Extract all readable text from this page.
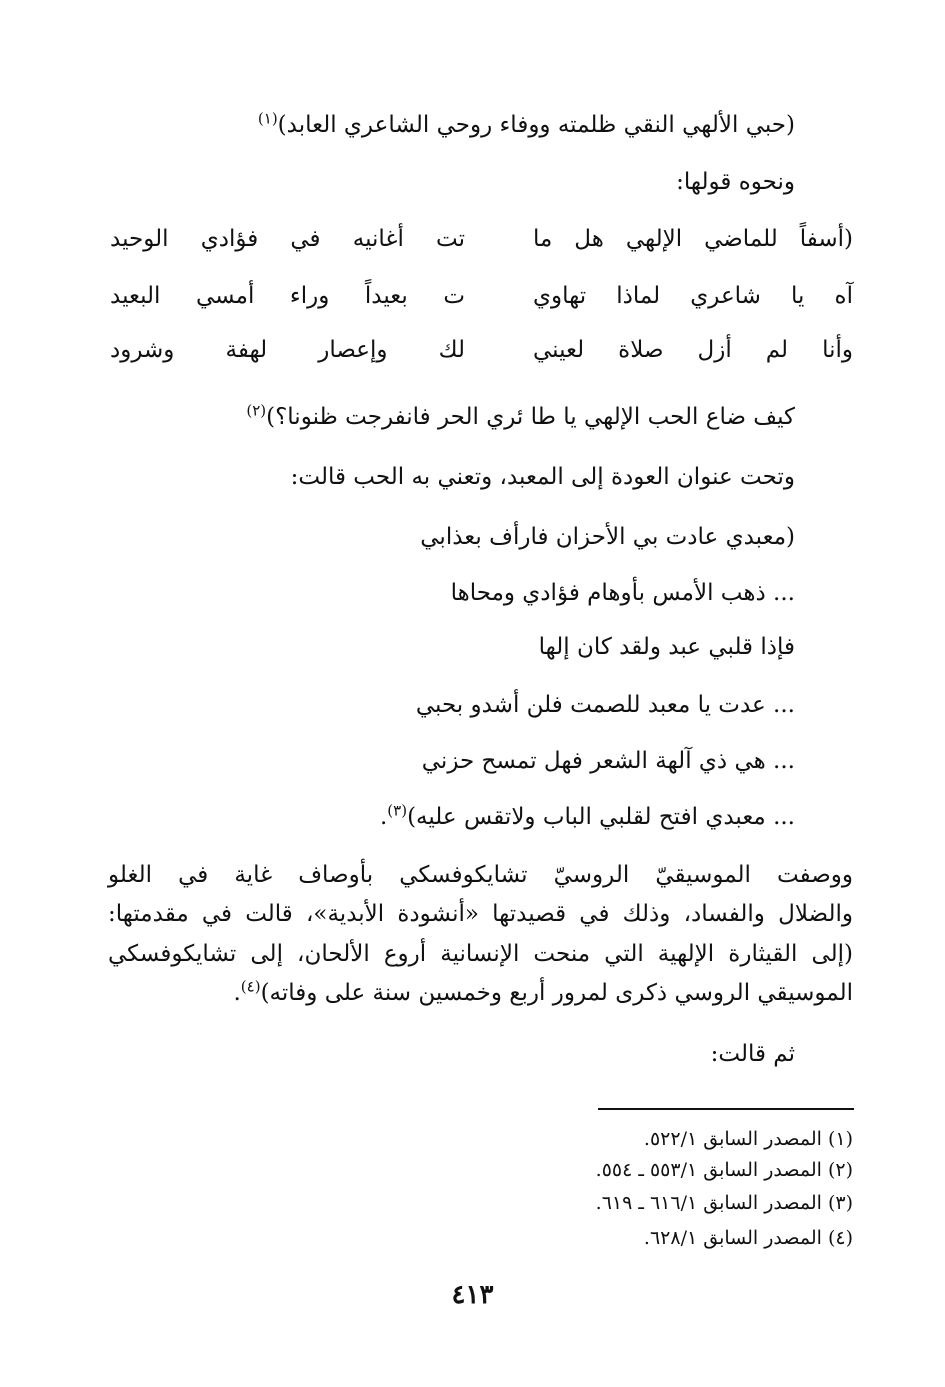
(حبي الألهي النقي ظلمته ووفاء روحي الشاعري العابد)$^{(١)}$
ونحوه قولها:
(أسفاً للماضي الإلهي هل ما
تت أغانيه في فؤادي الوحيد
آه يا شاعري لماذا تهاوي
ت بعيداً وراء أمسي البعيد
وأنا لم أزل صلاة لعيني
لك وإعصار لهفة وشرود
كيف ضاع الحب الإلهي يا طا ئري الحر فانفرجت ظنونا؟)$^{(٢)}$
وتحت عنوان العودة إلى المعبد، وتعني به الحب قالت:
(معبدي عادت بي الأحزان فارأف بعذابي
... ذهب الأمس بأوهام فؤادي ومحاها
فإذا قلبي عبد ولقد كان إلها
... عدت يا معبد للصمت فلن أشدو بحبي
... هي ذي آلهة الشعر فهل تمسح حزني
... معبدي افتح لقلبي الباب ولاتقس عليه)$^{(٣)}$.
ووصفت الموسيقيّ الروسيّ تشايكوفسكي بأوصاف غاية في الغلو
والضلال والفساد، وذلك في قصيدتها «أنشودة الأبدية»، قالت في مقدمتها:
(إلى القيثارة الإلهية التي منحت الإنسانية أروع الألحان، إلى تشايكوفسكي
الموسيقي الروسي ذكرى لمرور أربع وخمسين سنة على وفاته)$^{(٤)}$.
ثم قالت:
(١) المصدر السابق ٥٢٢/١.
(٢) المصدر السابق ٥٥٣/١ ـ ٥٥٤.
(٣) المصدر السابق ٦١٦/١ ـ ٦١٩.
(٤) المصدر السابق ٦٢٨/١.
٤١٣
